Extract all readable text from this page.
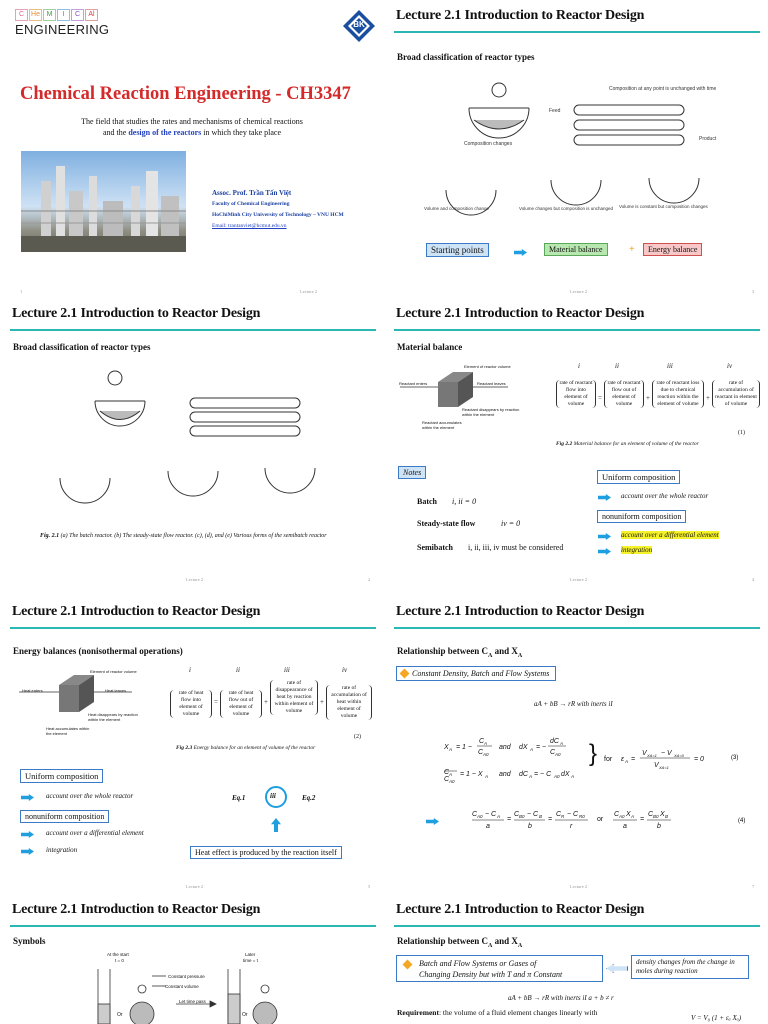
C He M	I	C	Al
ENGINEERING	BK
Chemical Reaction Engineering - CH3347
The field that studies the rates and mechanisms of chemical reactions
and the design of the reactors in which they take place
Assoc. Prof. Trần Tấn Việt
Faculty of Chemical Engineering
HoChiMinh City University of Technology – VNU HCM
Email: trantanviet@hcmut.edu.vn
1	Lecture 2
Lecture 2.1 Introduction to Reactor Design
Broad classification of reactor types
Composition changes
Composition at any point is unchanged with time
Feed
Product
Volume and composition change	Volume changes but composition is unchanged Volume is constant but composition changes
Starting points	Material balance	+	Energy balance
Lecture 2	3
Lecture 2.1 Introduction to Reactor Design
Broad classification of reactor types
Fig. 2.1 (a) The batch reactor. (b) The steady-state flow reactor. (c), (d), and (e) Various forms of the semibatch reactor
Lecture 2	2
Lecture 2.1 Introduction to Reactor Design
Material balance
Element of reactor volume
Reactant enters	Reactant leaves
Reactant disappears by reaction within the element
Reactant accumulates within the element
i	ii	iii	iv
rate of reactant flow into element of volume
=
rate of reactant flow out of element of volume
+
rate of reactant loss due to chemical reaction within the element of volume
+
rate of accumulation of reactant in element of volume
(1)
Fig 2.2 Material balance for an element of volume of the reactor
Notes
Batch i, ii = 0
Steady-state flow	iv = 0
Semibatch i, ii, iii, iv must be considered
Uniform composition
account over the whole reactor
nonuniform composition
account over a differential element
integration
Lecture 2	4
Lecture 2.1 Introduction to Reactor Design
Energy balances (nonisothermal operations)
Element of reactor volume
Heat enters	Heat leaves
Heat disappears by reaction within the element
Heat accumulates within the element
i	ii	iii	iv
rate of heat flow into element of volume
=
rate of heat flow out of element of volume
+
rate of disappearance of heat by reaction within element of volume
+
rate of accumulation of heat within element of volume
(2)
Fig 2.3 Energy balance for an element of volume of the reactor
Uniform composition
account over the whole reactor
nonuniform composition
account over a differential element
integration
Eq.1	iii	Eq.2
Heat effect is produced by the reaction itself
Lecture 2	5
Lecture 2.1 Introduction to Reactor Design
Relationship between $C_A$ and $X_A$
Constant Density, Batch and Flow Systems
aA + bB → rR with inerts iI
X A = 1 −
C A
C A0
and dX A = −
dC A
C A0
C A
C A0
= 1 − X A and dC A = − C A0 dX A
} for ε A =
V XA=1 − V XA=0
V XA=1
= 0	(3)
C A0 − C A
a
=
C B0 − C B
b
=
C R − C R0
r
or
C A0 X A
a
=
C B0 X B
b
(4)
Lecture 2	7
Lecture 2.1 Introduction to Reactor Design
Symbols
At the start
t = 0
Later
time = t
Constant pressure
Constant volume
Let time pass
Or	Or
Lecture 2.1 Introduction to Reactor Design
Relationship between $C_A$ and $X_A$
Batch and Flow Systems or Gases of
Changing Density but with T and π Constant
density changes from the change in moles during reaction
aA + bB → rR with inerts iI a + b ≠ r
Requirement: the volume of a fluid element changes linearly with
V = V₀ (1 + εₐ Xₐ)
